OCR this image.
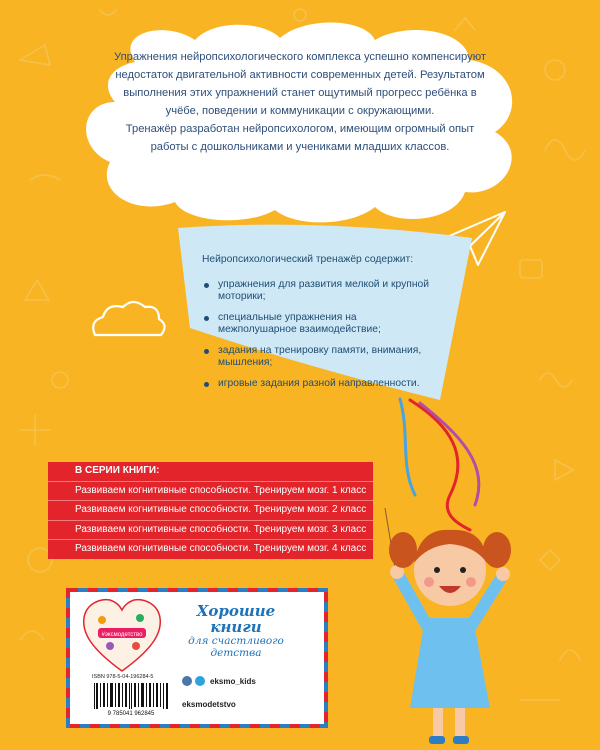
Упражнения нейропсихологического комплекса успешно компенсируют недостаток двигательной активности современных детей. Результатом выполнения этих упражнений станет ощутимый прогресс ребёнка в учёбе, поведении и коммуникации с окружающими.

Тренажёр разработан нейропсихологом, имеющим огромный опыт работы с дошкольниками и учениками младших классов.

Нейропсихологический тренажёр содержит:

упражнения для развития мелкой и крупной моторики;
специальные упражнения на межполушарное взаимодействие;
задания на тренировку памяти, внимания, мышления;
игровые задания разной направленности.
В СЕРИИ КНИГИ:
Развиваем когнитивные способности. Тренируем мозг. 1 класс
Развиваем когнитивные способности. Тренируем мозг. 2 класс
Развиваем когнитивные способности. Тренируем мозг. 3 класс
Развиваем когнитивные способности. Тренируем мозг. 4 класс
#эксмодетство
Хорошие
книги
для счастливого
детства
ISBN 978-5-04-196284-5
9 785041 962845
eksmo_kids
eksmodetstvo
